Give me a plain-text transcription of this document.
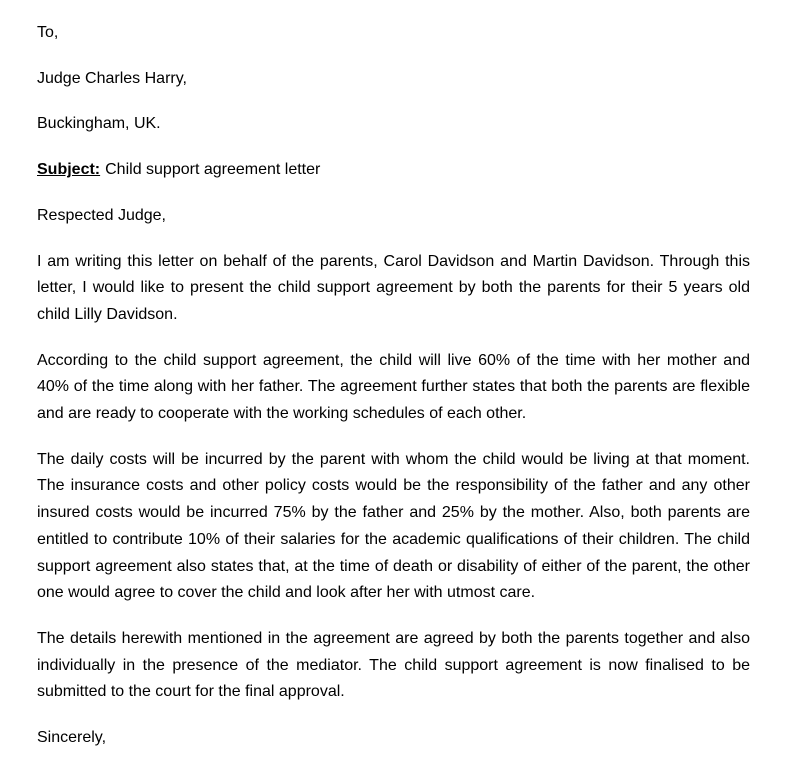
To,

Judge Charles Harry,

Buckingham, UK.

Subject: Child support agreement letter

Respected Judge,

I am writing this letter on behalf of the parents, Carol Davidson and Martin Davidson. Through this letter, I would like to present the child support agreement by both the parents for their 5 years old child Lilly Davidson.

According to the child support agreement, the child will live 60% of the time with her mother and 40% of the time along with her father. The agreement further states that both the parents are flexible and are ready to cooperate with the working schedules of each other.

The daily costs will be incurred by the parent with whom the child would be living at that moment. The insurance costs and other policy costs would be the responsibility of the father and any other insured costs would be incurred 75% by the father and 25% by the mother. Also, both parents are entitled to contribute 10% of their salaries for the academic qualifications of their children. The child support agreement also states that, at the time of death or disability of either of the parent, the other one would agree to cover the child and look after her with utmost care.

The details herewith mentioned in the agreement are agreed by both the parents together and also individually in the presence of the mediator. The child support agreement is now finalised to be submitted to the court for the final approval.

Sincerely,
